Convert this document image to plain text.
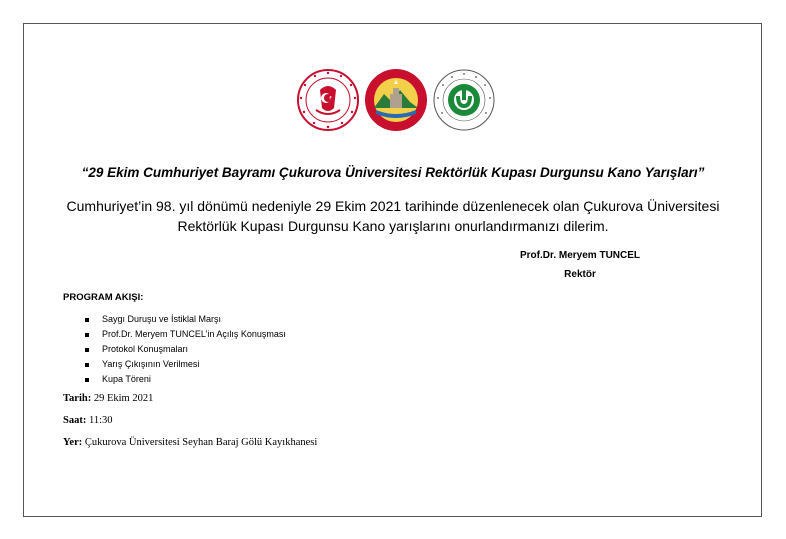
“29 Ekim Cumhuriyet Bayramı Çukurova Üniversitesi Rektörlük Kupası Durgunsu Kano Yarışları”
Cumhuriyet’in 98. yıl dönümü nedeniyle 29 Ekim 2021 tarihinde düzenlenecek olan Çukurova Üniversitesi Rektörlük Kupası Durgunsu Kano yarışlarını onurlandırmanızı dilerim.
Prof.Dr. Meryem TUNCEL
Rektör
PROGRAM AKIŞI:
Saygı Duruşu ve İstiklal Marşı
Prof.Dr. Meryem TUNCEL’in Açılış Konuşması
Protokol Konuşmaları
Yarış Çıkışının Verilmesi
Kupa Töreni
Tarih: 29 Ekim 2021
Saat: 11:30
Yer: Çukurova Üniversitesi Seyhan Baraj Gölü Kayıkhanesi
